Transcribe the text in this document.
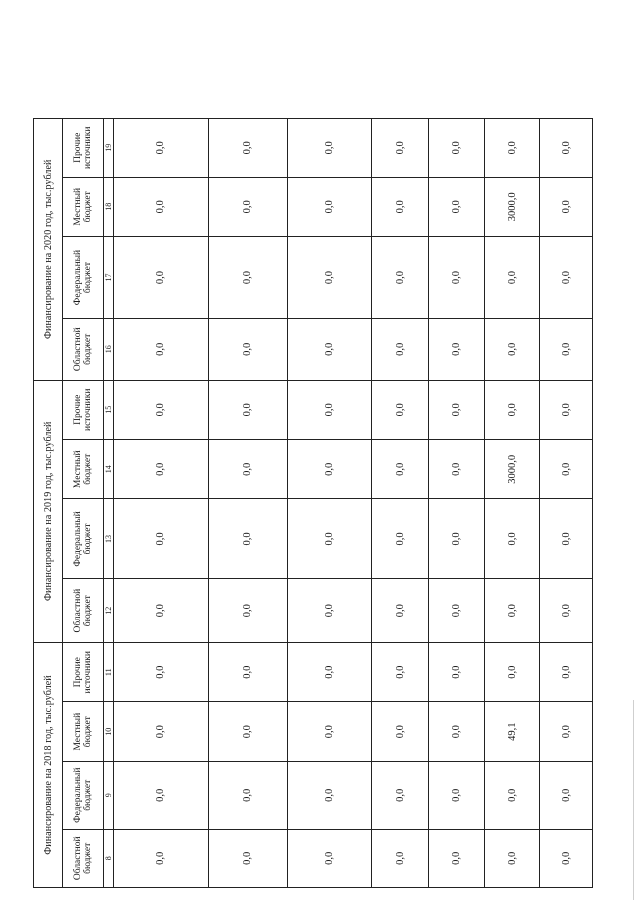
Финансирование на 2018 год, тыс.рублей				Финансирование на 2019 год, тыс.рублей				Финансирование на 2020 год, тыс.рублей			
Областной бюджет	Федеральный бюджет	Местный бюджет	Прочие источники	Областной бюджет	Федеральный бюджет	Местный бюджет	Прочие источники	Областной бюджет	Федеральный бюджет	Местный бюджет	Прочие источники
8	9	10	11	12	13	14	15	16	17	18	19
0,0	0,0	0,0	0,0	0,0	0,0	0,0	0,0	0,0	0,0	0,0	0,0
0,0	0,0	0,0	0,0	0,0	0,0	0,0	0,0	0,0	0,0	0,0	0,0
0,0	0,0	0,0	0,0	0,0	0,0	0,0	0,0	0,0	0,0	0,0	0,0
0,0	0,0	0,0	0,0	0,0	0,0	0,0	0,0	0,0	0,0	0,0	0,0
0,0	0,0	0,0	0,0	0,0	0,0	0,0	0,0	0,0	0,0	0,0	0,0
0,0	0,0	49,1	0,0	0,0	0,0	3000,0	0,0	0,0	0,0	3000,0	0,0
0,0	0,0	0,0	0,0	0,0	0,0	0,0	0,0	0,0	0,0	0,0	0,0
